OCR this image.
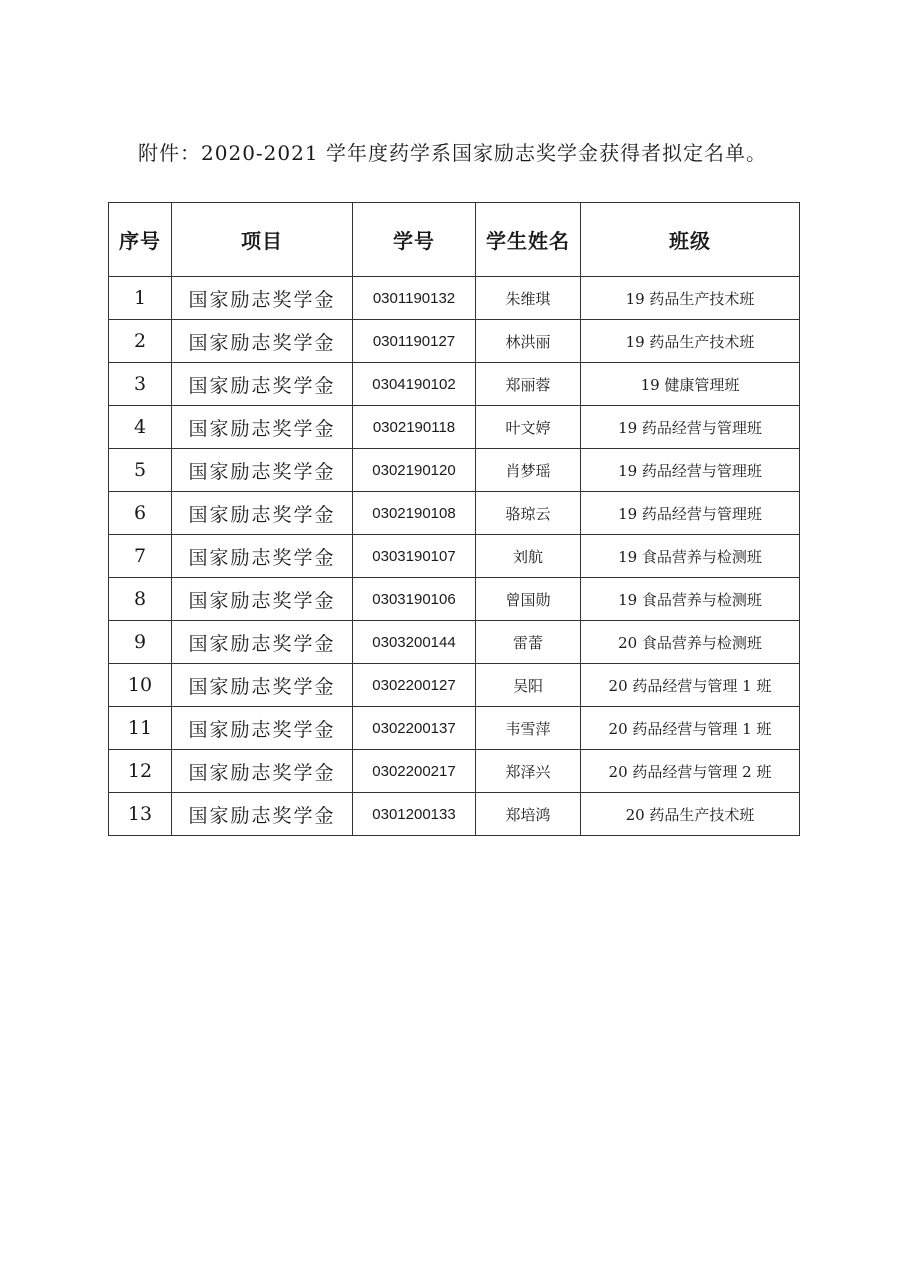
附件：2020-2021 学年度药学系国家励志奖学金获得者拟定名单。
序号	项目	学号	学生姓名	班级
1	国家励志奖学金	0301190132	朱维琪	19 药品生产技术班
2	国家励志奖学金	0301190127	林洪丽	19 药品生产技术班
3	国家励志奖学金	0304190102	郑丽蓉	19 健康管理班
4	国家励志奖学金	0302190118	叶文婷	19 药品经营与管理班
5	国家励志奖学金	0302190120	肖梦瑶	19 药品经营与管理班
6	国家励志奖学金	0302190108	骆琼云	19 药品经营与管理班
7	国家励志奖学金	0303190107	刘航	19 食品营养与检测班
8	国家励志奖学金	0303190106	曾国勋	19 食品营养与检测班
9	国家励志奖学金	0303200144	雷蕾	20 食品营养与检测班
10	国家励志奖学金	0302200127	吴阳	20 药品经营与管理 1 班
11	国家励志奖学金	0302200137	韦雪萍	20 药品经营与管理 1 班
12	国家励志奖学金	0302200217	郑泽兴	20 药品经营与管理 2 班
13	国家励志奖学金	0301200133	郑培鸿	20 药品生产技术班
